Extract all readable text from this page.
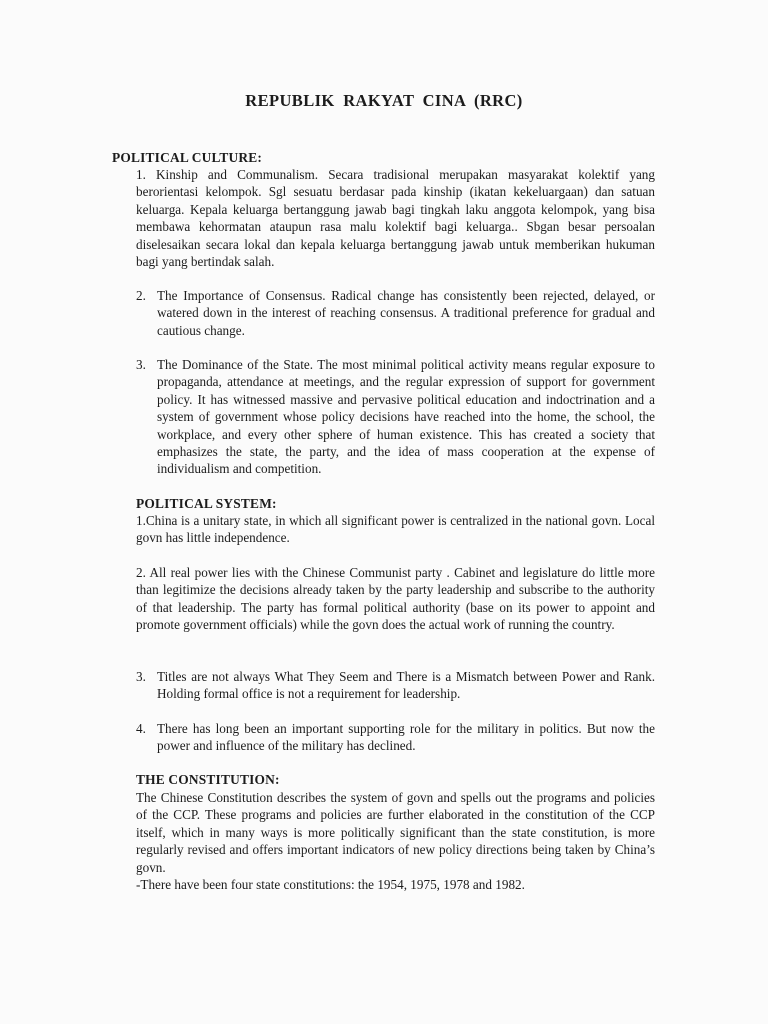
REPUBLIK RAKYAT CINA (RRC)
POLITICAL CULTURE:

1. Kinship and Communalism. Secara tradisional merupakan masyarakat kolektif yang berorientasi kelompok. Sgl sesuatu berdasar pada kinship (ikatan kekeluargaan) dan satuan keluarga. Kepala keluarga bertanggung jawab bagi tingkah laku anggota kelompok, yang bisa membawa kehormatan ataupun rasa malu kolektif bagi keluarga.. Sbgan besar persoalan diselesaikan secara lokal dan kepala keluarga bertanggung jawab untuk memberikan hukuman bagi yang bertindak salah.

2. The Importance of Consensus. Radical change has consistently been rejected, delayed, or watered down in the interest of reaching consensus. A traditional preference for gradual and cautious change.
3. The Dominance of the State. The most minimal political activity means regular exposure to propaganda, attendance at meetings, and the regular expression of support for government policy. It has witnessed massive and pervasive political education and indoctrination and a system of government whose policy decisions have reached into the home, the school, the workplace, and every other sphere of human existence. This has created a society that emphasizes the state, the party, and the idea of mass cooperation at the expense of individualism and competition.
POLITICAL SYSTEM:

1.China is a unitary state, in which all significant power is centralized in the national govn. Local govn has little independence.

2. All real power lies with the Chinese Communist party . Cabinet and legislature do little more than legitimize the decisions already taken by the party leadership and subscribe to the authority of that leadership. The party has formal political authority (base on its power to appoint and promote government officials) while the govn does the actual work of running the country.

3. Titles are not always What They Seem and There is a Mismatch between Power and Rank. Holding formal office is not a requirement for leadership.
4. There has long been an important supporting role for the military in politics. But now the power and influence of the military has declined.
THE CONSTITUTION:

The Chinese Constitution describes the system of govn and spells out the programs and policies of the CCP. These programs and policies are further elaborated in the constitution of the CCP itself, which in many ways is more politically significant than the state constitution, is more regularly revised and offers important indicators of new policy directions being taken by China’s govn.

-There have been four state constitutions: the 1954, 1975, 1978 and 1982.
